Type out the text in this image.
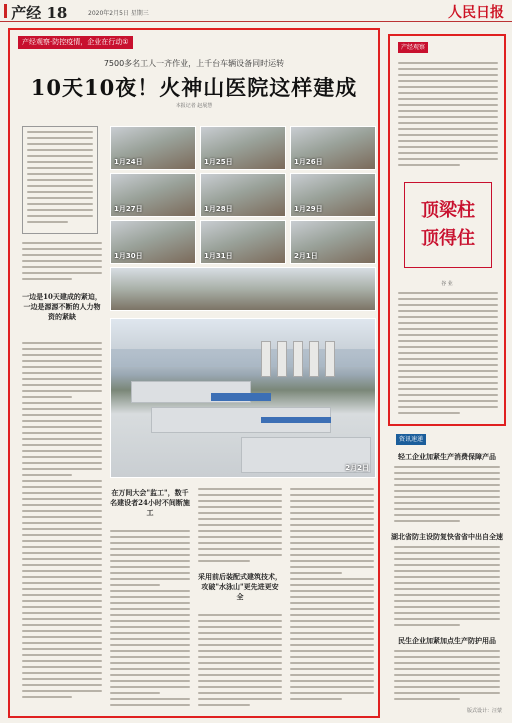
产经 18	2020年2月5日 星期三	人民日报
产经观察·防控疫情，企业在行动①
7500多名工人一齐作业，上千台车辆设备同时运转
10天10夜！火神山医院这样建成
本报记者 赵展慧
一边是10天建成的紧迫，一边是源源不断的人力物资的紧缺
1月24日	1月25日	1月26日
1月27日	1月28日	1月29日
1月30日	1月31日	2月1日
2月2日
在万间大会"监工"，数千名建设者24小时不间断施工
采用前后装配式建筑技术，攻破"水泳山"更先进更安全
产经观察
顶梁柱
顶得住
谷 业
资讯速递
轻工企业加紧生产消费保障产品
湖北省防主设防复快省省中出自全速
民生企业加紧加点生产防护用品
版式设计：汪蒙
